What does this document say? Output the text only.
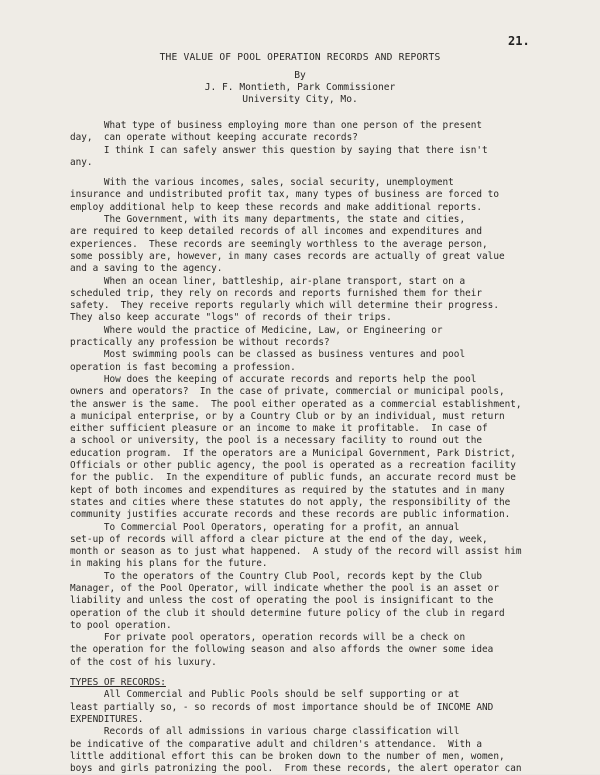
21.
THE VALUE OF POOL OPERATION RECORDS AND REPORTS
By
J. F. Montieth, Park Commissioner
University City, Mo.
What type of business employing more than one person of the present
day,  can operate without keeping accurate records?
I think I can safely answer this question by saying that there isn't
any.
With the various incomes, sales, social security, unemployment
insurance and undistributed profit tax, many types of business are forced to
employ additional help to keep these records and make additional reports.
The Government, with its many departments, the state and cities,
are required to keep detailed records of all incomes and expenditures and
experiences.  These records are seemingly worthless to the average person,
some possibly are, however, in many cases records are actually of great value
and a saving to the agency.
When an ocean liner, battleship, air-plane transport, start on a
scheduled trip, they rely on records and reports furnished them for their
safety.  They receive reports regularly which will determine their progress.
They also keep accurate "logs" of records of their trips.
Where would the practice of Medicine, Law, or Engineering or
practically any profession be without records?
Most swimming pools can be classed as business ventures and pool
operation is fast becoming a profession.
How does the keeping of accurate records and reports help the pool
owners and operators?  In the case of private, commercial or municipal pools,
the answer is the same.  The pool either operated as a commercial establishment,
a municipal enterprise, or by a Country Club or by an individual, must return
either sufficient pleasure or an income to make it profitable.  In case of
a school or university, the pool is a necessary facility to round out the
education program.  If the operators are a Municipal Government, Park District,
Officials or other public agency, the pool is operated as a recreation facility
for the public.  In the expenditure of public funds, an accurate record must be
kept of both incomes and expenditures as required by the statutes and in many
states and cities where these statutes do not apply, the responsibility of the
community justifies accurate records and these records are public information.
To Commercial Pool Operators, operating for a profit, an annual
set-up of records will afford a clear picture at the end of the day, week,
month or season as to just what happened.  A study of the record will assist him
in making his plans for the future.
To the operators of the Country Club Pool, records kept by the Club
Manager, of the Pool Operator, will indicate whether the pool is an asset or
liability and unless the cost of operating the pool is insignificant to the
operation of the club it should determine future policy of the club in regard
to pool operation.
For private pool operators, operation records will be a check on
the operation for the following season and also affords the owner some idea
of the cost of his luxury.
TYPES OF RECORDS:
All Commercial and Public Pools should be self supporting or at
least partially so, - so records of most importance should be of INCOME AND
EXPENDITURES.
Records of all admissions in various charge classification will
be indicative of the comparative adult and children's attendance.  With a
little additional effort this can be broken down to the number of men, women,
boys and girls patronizing the pool.  From these records, the alert operator can
